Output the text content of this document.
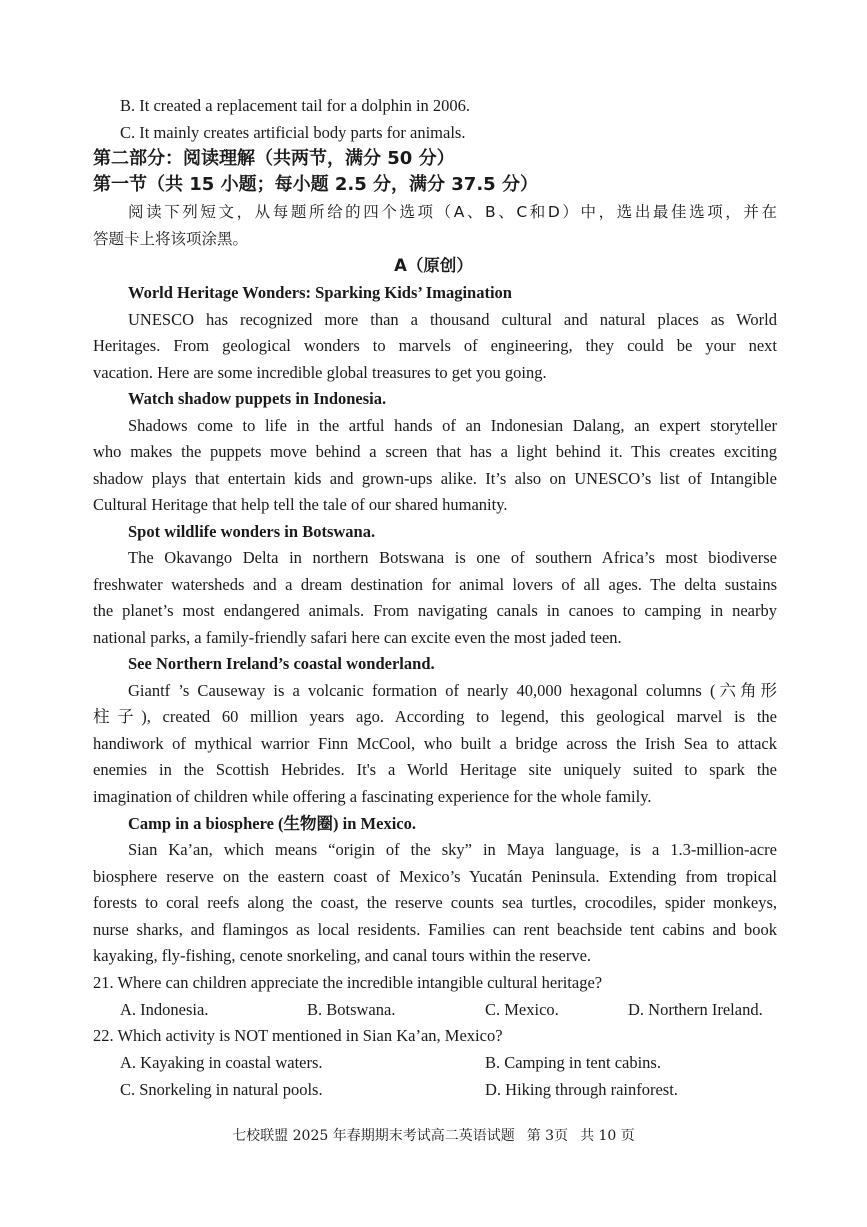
B. It created a replacement tail for a dolphin in 2006.
C. It mainly creates artificial body parts for animals.
第二部分：阅读理解（共两节，满分 50 分）
第一节（共 15 小题；每小题 2.5 分，满分 37.5 分）
阅读下列短文，从每题所给的四个选项（A、B、C和D）中，选出最佳选项，并在
答题卡上将该项涂黑。
A（原创）
World Heritage Wonders: Sparking Kids’ Imagination
UNESCO has recognized more than a thousand cultural and natural places as World
Heritages. From geological wonders to marvels of engineering, they could be your next
vacation. Here are some incredible global treasures to get you going.
Watch shadow puppets in Indonesia.
Shadows come to life in the artful hands of an Indonesian Dalang, an expert storyteller
who makes the puppets move behind a screen that has a light behind it. This creates exciting
shadow plays that entertain kids and grown-ups alike. It’s also on UNESCO’s list of Intangible
Cultural Heritage that help tell the tale of our shared humanity.
Spot wildlife wonders in Botswana.
The Okavango Delta in northern Botswana is one of southern Africa’s most biodiverse
freshwater watersheds and a dream destination for animal lovers of all ages. The delta sustains
the planet’s most endangered animals. From navigating canals in canoes to camping in nearby
national parks, a family-friendly safari here can excite even the most jaded teen.
See Northern Ireland’s coastal wonderland.
Giantf ’s Causeway is a volcanic formation of nearly 40,000 hexagonal columns (六角形
柱子), created 60 million years ago. According to legend, this geological marvel is the
handiwork of mythical warrior Finn McCool, who built a bridge across the Irish Sea to attack
enemies in the Scottish Hebrides. It's a World Heritage site uniquely suited to spark the
imagination of children while offering a fascinating experience for the whole family.
Camp in a biosphere (生物圈) in Mexico.
Sian Ka’an, which means “origin of the sky” in Maya language, is a 1.3-million-acre
biosphere reserve on the eastern coast of Mexico’s Yucatán Peninsula. Extending from tropical
forests to coral reefs along the coast, the reserve counts sea turtles, crocodiles, spider monkeys,
nurse sharks, and flamingos as local residents. Families can rent beachside tent cabins and book
kayaking, fly-fishing, cenote snorkeling, and canal tours within the reserve.
21. Where can children appreciate the incredible intangible cultural heritage?
A. Indonesia.	B. Botswana.	C. Mexico.	D. Northern Ireland.
22. Which activity is NOT mentioned in Sian Ka’an, Mexico?
A. Kayaking in coastal waters.	B. Camping in tent cabins.
C. Snorkeling in natural pools.	D. Hiking through rainforest.
七校联盟 2025 年春期期末考试高二英语试题 第 3页 共 10 页
